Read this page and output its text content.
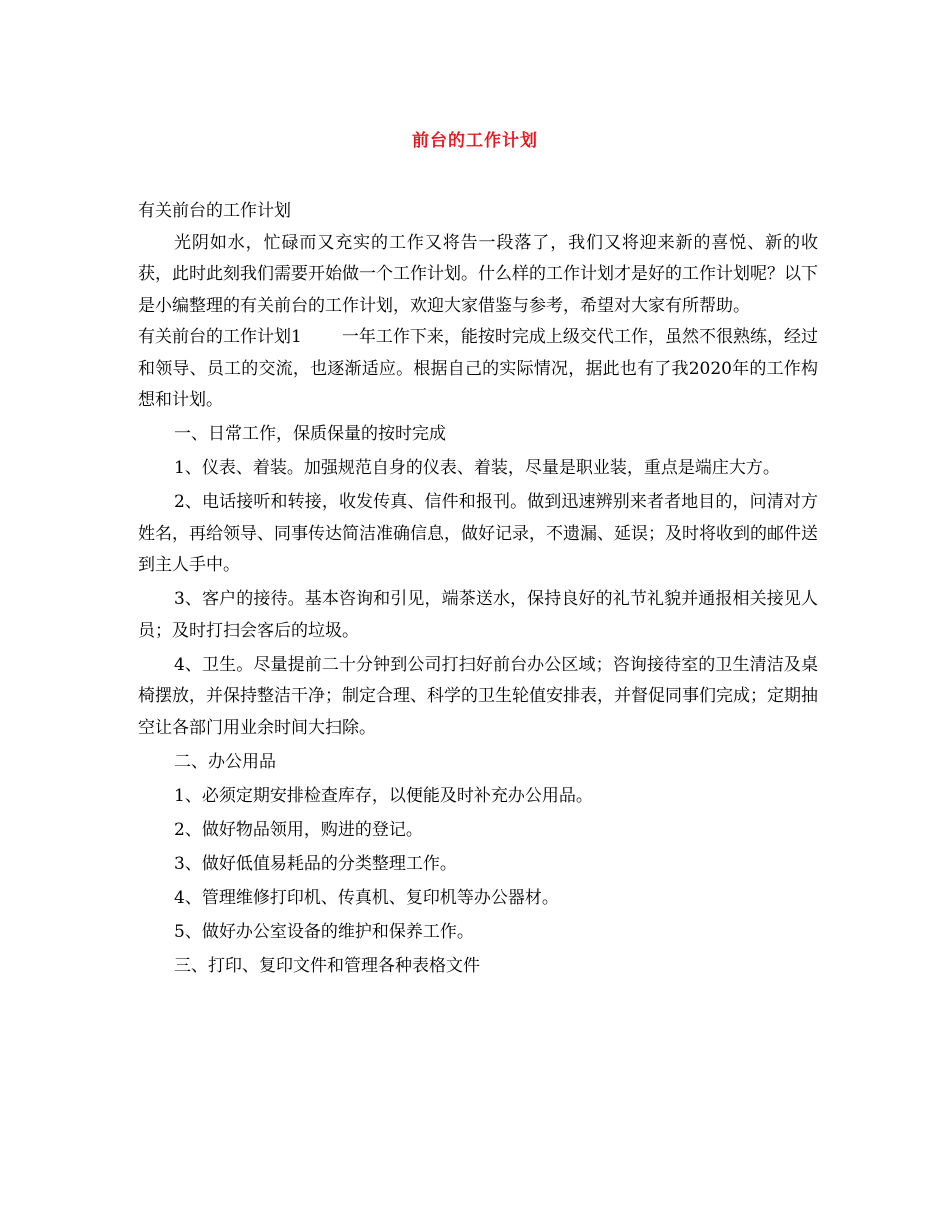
前台的工作计划

有关前台的工作计划

光阴如水，忙碌而又充实的工作又将告一段落了，我们又将迎来新的喜悦、新的收获，此时此刻我们需要开始做一个工作计划。什么样的工作计划才是好的工作计划呢？以下是小编整理的有关前台的工作计划，欢迎大家借鉴与参考，希望对大家有所帮助。

有关前台的工作计划1 一年工作下来，能按时完成上级交代工作，虽然不很熟练，经过和领导、员工的交流，也逐渐适应。根据自己的实际情况，据此也有了我2020年的工作构想和计划。

一、日常工作，保质保量的按时完成

1、仪表、着装。加强规范自身的仪表、着装，尽量是职业装，重点是端庄大方。

2、电话接听和转接，收发传真、信件和报刊。做到迅速辨别来者者地目的，问清对方姓名，再给领导、同事传达简洁准确信息，做好记录，不遗漏、延误；及时将收到的邮件送到主人手中。

3、客户的接待。基本咨询和引见，端茶送水，保持良好的礼节礼貌并通报相关接见人员；及时打扫会客后的垃圾。

4、卫生。尽量提前二十分钟到公司打扫好前台办公区域；咨询接待室的卫生清洁及桌椅摆放，并保持整洁干净；制定合理、科学的卫生轮值安排表，并督促同事们完成；定期抽空让各部门用业余时间大扫除。

二、办公用品

1、必须定期安排检查库存，以便能及时补充办公用品。

2、做好物品领用，购进的登记。

3、做好低值易耗品的分类整理工作。

4、管理维修打印机、传真机、复印机等办公器材。

5、做好办公室设备的维护和保养工作。

三、打印、复印文件和管理各种表格文件
